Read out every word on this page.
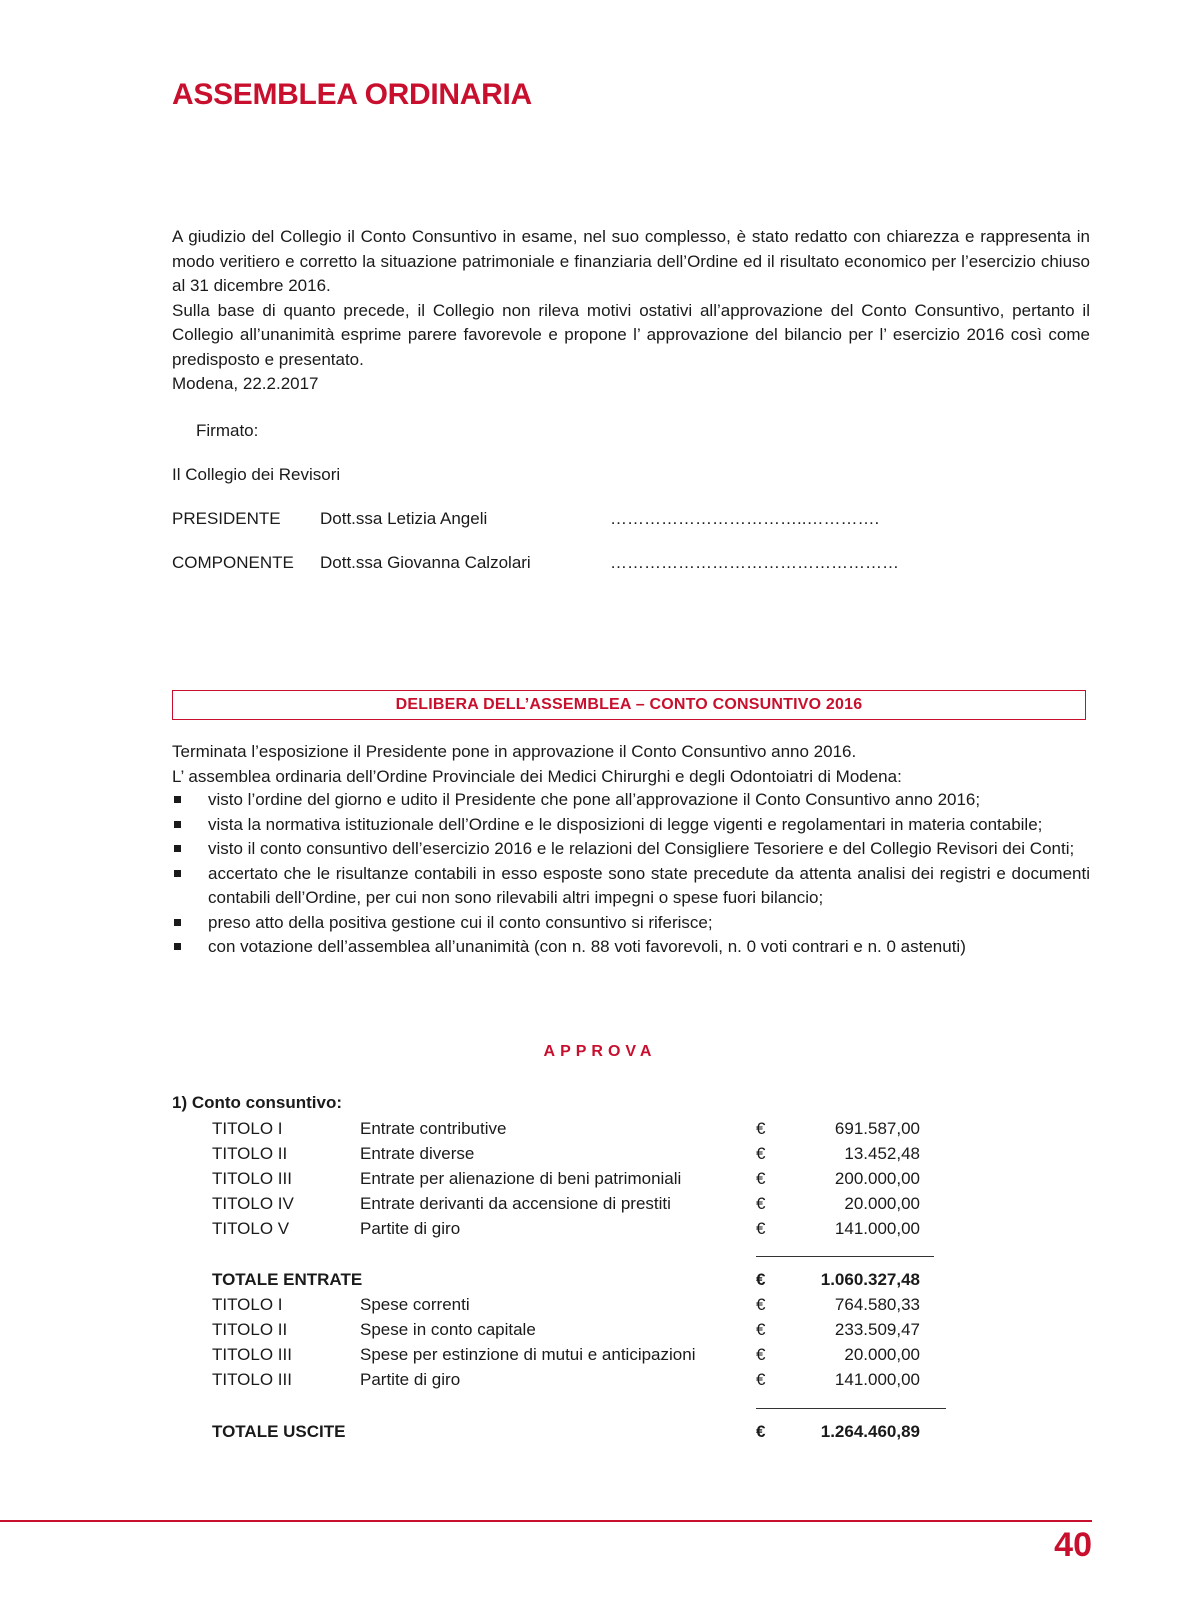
ASSEMBLEA ORDINARIA

A giudizio del Collegio il Conto Consuntivo in esame, nel suo complesso, è stato redatto con chiarezza e rappresenta in modo veritiero e corretto la situazione patrimoniale e finanziaria dell’Ordine ed il risultato economico per l’esercizio chiuso al 31 dicembre 2016.
Sulla base di quanto precede, il Collegio non rileva motivi ostativi all’approvazione del Conto Consuntivo, pertanto il Collegio all’unanimità esprime parere favorevole e propone l’ approvazione del bilancio per l’ esercizio 2016 così come predisposto e presentato.
Modena, 22.2.2017

Firmato:

Il Collegio dei Revisori

PRESIDENTE Dott.ssa Letizia Angeli	……………………………..………….

COMPONENTE Dott.ssa Giovanna Calzolari	……………………………………………

DELIBERA DELL’ASSEMBLEA – CONTO CONSUNTIVO 2016

Terminata l’esposizione il Presidente pone in approvazione il Conto Consuntivo anno 2016.
L’ assemblea ordinaria dell’Ordine Provinciale dei Medici Chirurghi e degli Odontoiatri di Modena:

visto l’ordine del giorno e udito il Presidente che pone all’approvazione il Conto Consuntivo anno 2016;
vista la normativa istituzionale dell’Ordine e le disposizioni di legge vigenti e regolamentari in materia contabile;
visto il conto consuntivo dell’esercizio 2016 e le relazioni del Consigliere Tesoriere e del Collegio Revisori dei Conti;
accertato che le risultanze contabili in esso esposte sono state precedute da attenta analisi dei registri e documenti contabili dell’Ordine, per cui non sono rilevabili altri impegni o spese fuori bilancio;
preso atto della positiva gestione cui il conto consuntivo si riferisce;
con votazione dell’assemblea all’unanimità (con n. 88 voti favorevoli, n. 0 voti contrari e n. 0 astenuti)
APPROVA
1) Conto consuntivo:
TITOLO I	Entrate contributive	€	691.587,00
TITOLO II	Entrate diverse	€	13.452,48
TITOLO III	Entrate per alienazione di beni patrimoniali	€	200.000,00
TITOLO IV	Entrate derivanti da accensione di prestiti	€	20.000,00
TITOLO V	Partite di giro	€	141.000,00
TOTALE ENTRATE	€	1.060.327,48
TITOLO I	Spese correnti	€	764.580,33
TITOLO II	Spese in conto capitale	€	233.509,47
TITOLO III	Spese per estinzione di mutui e anticipazioni	€	20.000,00
TITOLO III	Partite di giro	€	141.000,00
TOTALE USCITE	€	1.264.460,89
40
